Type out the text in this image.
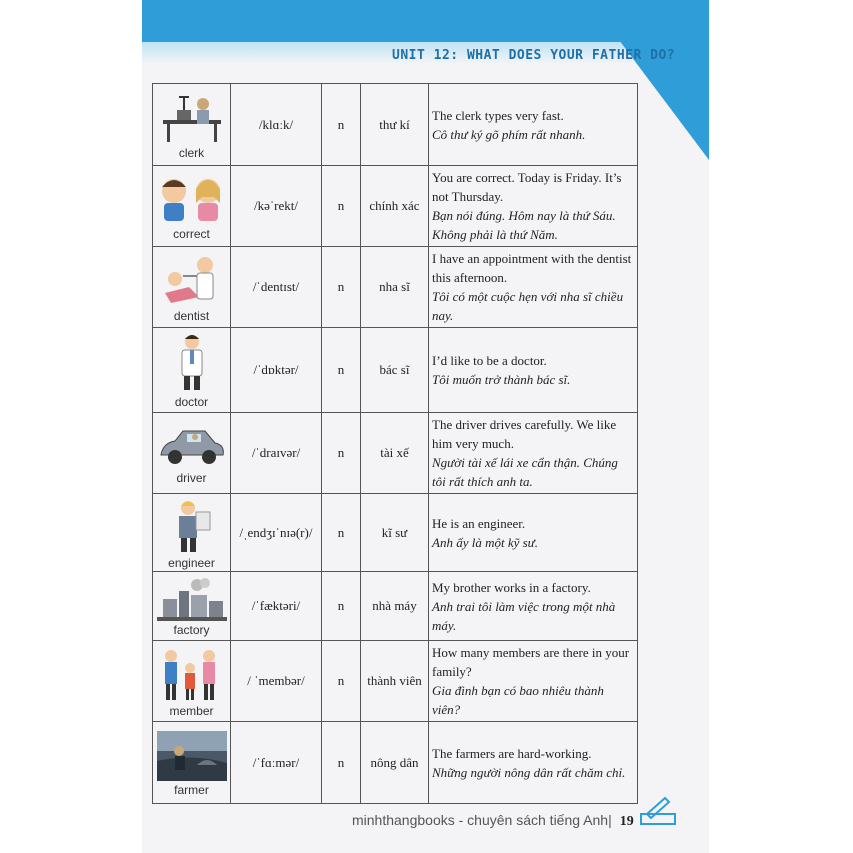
UNIT 12: WHAT DOES YOUR FATHER DO?
clerk	/klɑːk/	n	thư kí	The clerk types very fast.
Cô thư ký gõ phím rất nhanh.

correct	/kəˈrekt/	n	chính xác	You are correct. Today is Friday. It’s not Thursday.
Bạn nói đúng. Hôm nay là thứ Sáu. Không phải là thứ Năm.

dentist	/ˈdentɪst/	n	nha sĩ	I have an appointment with the dentist this afternoon.
Tôi có một cuộc hẹn với nha sĩ chiều nay.

doctor	/ˈdɒktər/	n	bác sĩ	I’d like to be a doctor.
Tôi muốn trở thành bác sĩ.

driver	/ˈdraɪvər/	n	tài xế	The driver drives carefully. We like him very much.
Người tài xế lái xe cẩn thận. Chúng tôi rất thích anh ta.

engineer	/ˌendʒɪˈnɪə(r)/	n	kĩ sư	He is an engineer.
Anh ấy là một kỹ sư.

factory	/ˈfæktəri/	n	nhà máy	My brother works in a factory.
Anh trai tôi làm việc trong một nhà máy.

member	/ ˈmembər/	n	thành viên	How many members are there in your family?
Gia đình bạn có bao nhiêu thành viên?

farmer	/ˈfɑːmər/	n	nông dân	The farmers are hard-working.
Những người nông dân rất chăm chỉ.
minhthangbooks - chuyên sách tiếng Anh| 19
